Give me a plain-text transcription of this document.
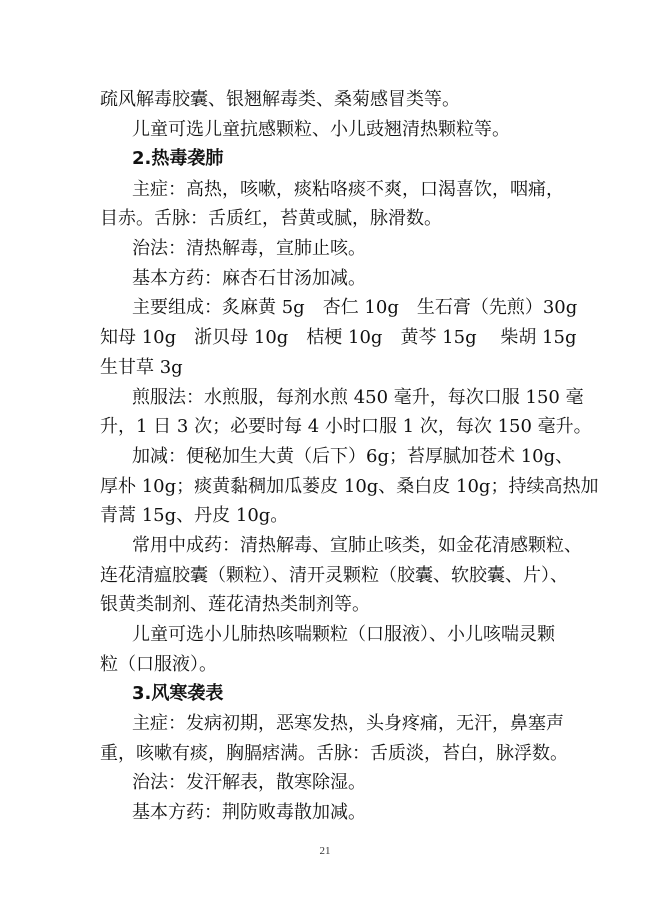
疏风解毒胶囊、银翘解毒类、桑菊感冒类等。
儿童可选儿童抗感颗粒、小儿豉翘清热颗粒等。
2.热毒袭肺
主症：高热，咳嗽，痰粘咯痰不爽，口渴喜饮，咽痛，
目赤。舌脉：舌质红，苔黄或腻，脉滑数。
治法：清热解毒，宣肺止咳。
基本方药：麻杏石甘汤加减。
主要组成：炙麻黄 5g　杏仁 10g　生石膏（先煎）30g
知母 10g　浙贝母 10g　桔梗 10g　黄芩 15g　 柴胡 15g
生甘草 3g
煎服法：水煎服，每剂水煎 450 毫升，每次口服 150 毫
升，1 日 3 次；必要时每 4 小时口服 1 次，每次 150 毫升。
加减：便秘加生大黄（后下）6g；苔厚腻加苍术 10g、
厚朴 10g；痰黄黏稠加瓜蒌皮 10g、桑白皮 10g；持续高热加
青蒿 15g、丹皮 10g。
常用中成药：清热解毒、宣肺止咳类，如金花清感颗粒、
连花清瘟胶囊（颗粒）、清开灵颗粒（胶囊、软胶囊、片）、
银黄类制剂、莲花清热类制剂等。
儿童可选小儿肺热咳喘颗粒（口服液）、小儿咳喘灵颗
粒（口服液）。
3.风寒袭表
主症：发病初期，恶寒发热，头身疼痛，无汗，鼻塞声
重，咳嗽有痰，胸膈痞满。舌脉：舌质淡，苔白，脉浮数。
治法：发汗解表，散寒除湿。
基本方药：荆防败毒散加减。
21
